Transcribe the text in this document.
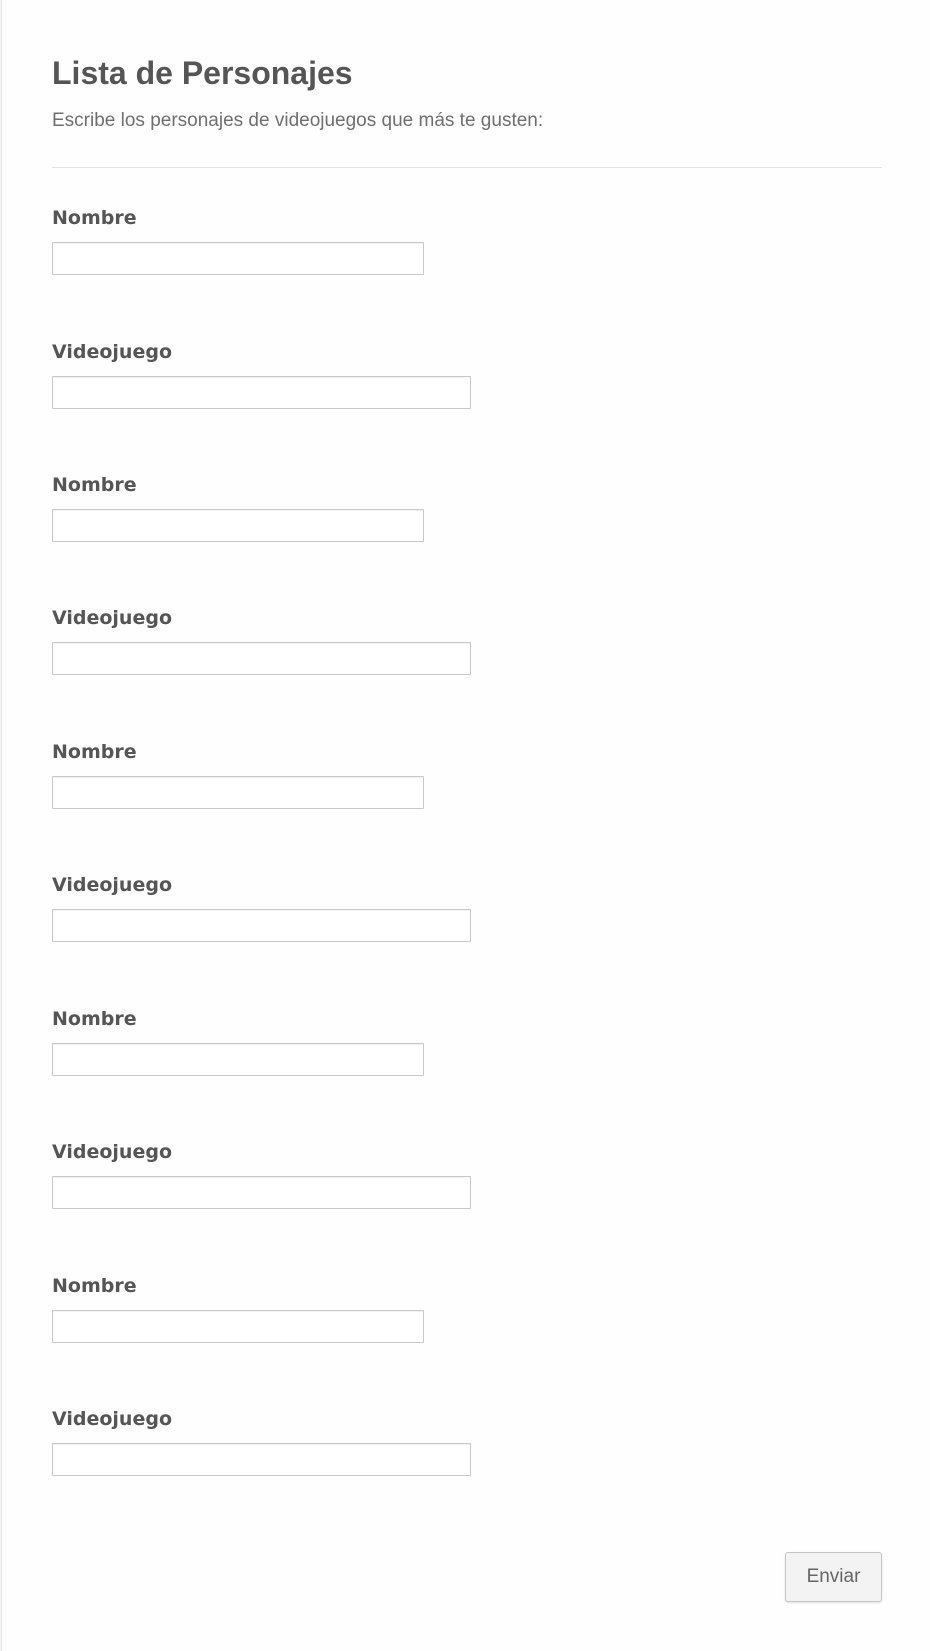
Lista de Personajes

Escribe los personajes de videojuegos que más te gusten:

Nombre
Videojuego
Nombre
Videojuego
Nombre
Videojuego
Nombre
Videojuego
Nombre
Videojuego
Enviar
